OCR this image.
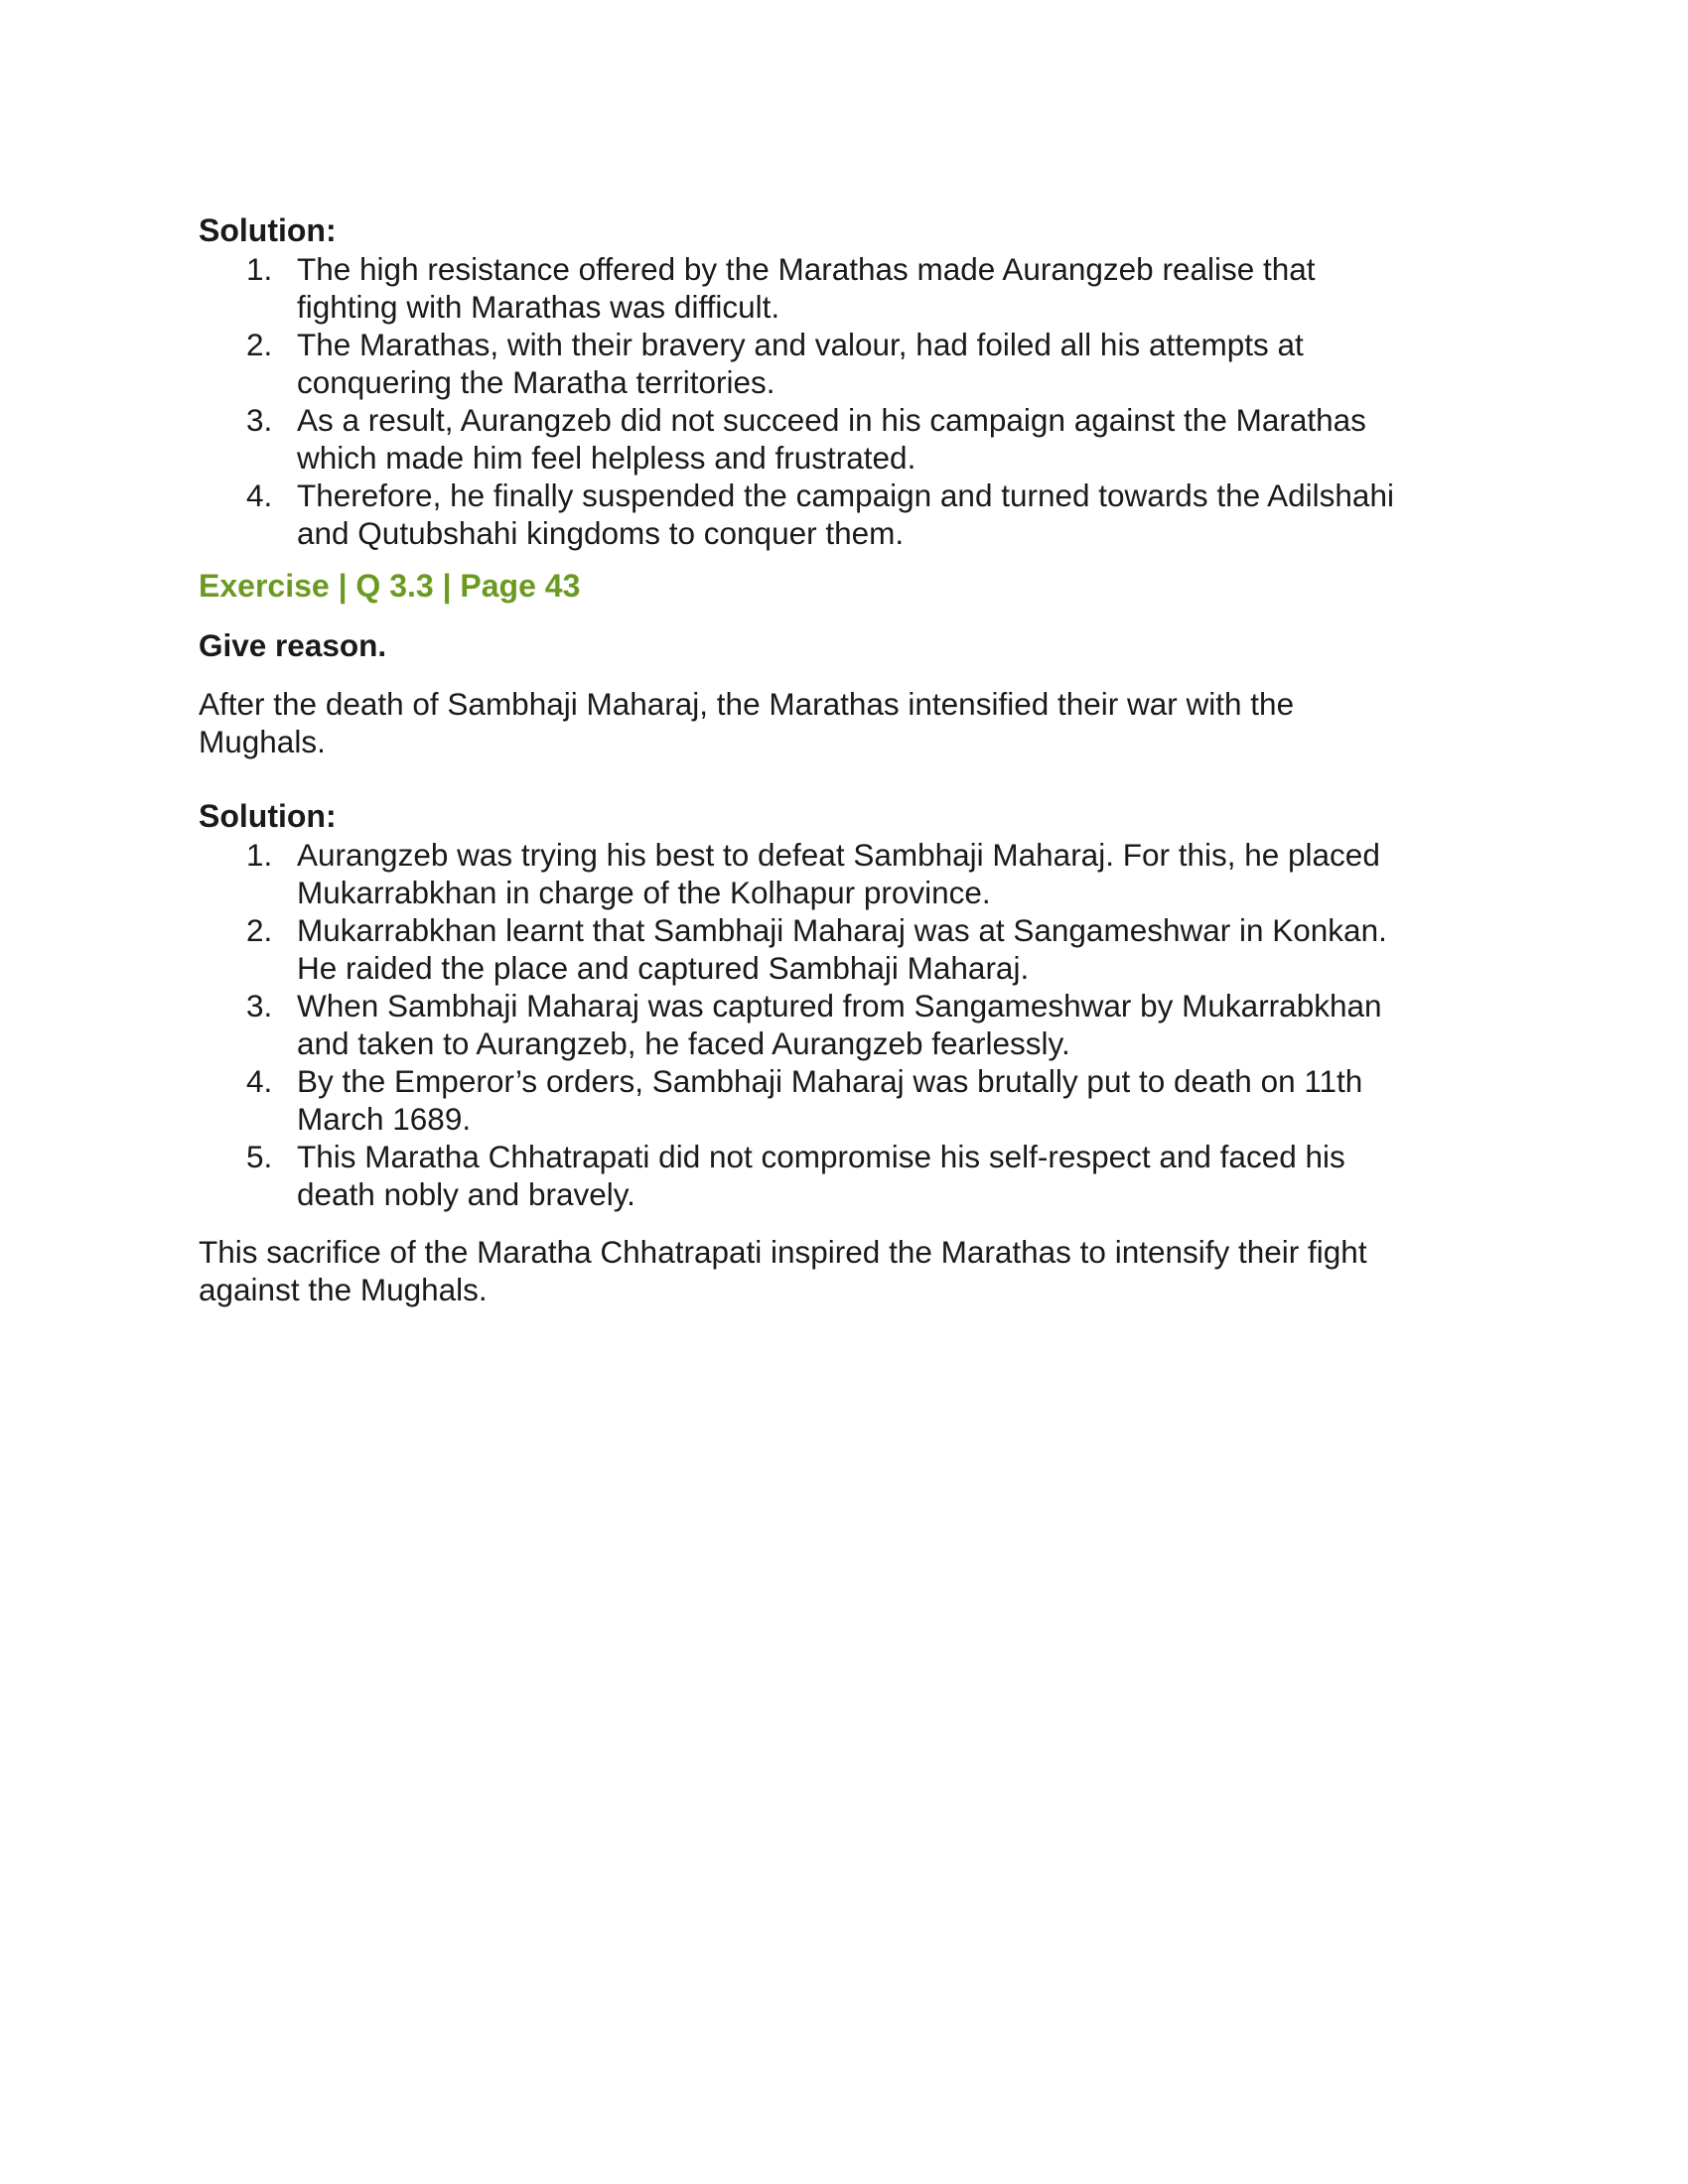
Solution:
1. The high resistance offered by the Marathas made Aurangzeb realise that
fighting with Marathas was difficult.
2. The Marathas, with their bravery and valour, had foiled all his attempts at
conquering the Maratha territories.
3. As a result, Aurangzeb did not succeed in his campaign against the Marathas
which made him feel helpless and frustrated.
4. Therefore, he finally suspended the campaign and turned towards the Adilshahi
and Qutubshahi kingdoms to conquer them.
Exercise | Q 3.3 | Page 43
Give reason.
After the death of Sambhaji Maharaj, the Marathas intensified their war with the
Mughals.
Solution:
1. Aurangzeb was trying his best to defeat Sambhaji Maharaj. For this, he placed
Mukarrabkhan in charge of the Kolhapur province.
2. Mukarrabkhan learnt that Sambhaji Maharaj was at Sangameshwar in Konkan.
He raided the place and captured Sambhaji Maharaj.
3. When Sambhaji Maharaj was captured from Sangameshwar by Mukarrabkhan
and taken to Aurangzeb, he faced Aurangzeb fearlessly.
4. By the Emperor’s orders, Sambhaji Maharaj was brutally put to death on 11th
March 1689.
5. This Maratha Chhatrapati did not compromise his self-respect and faced his
death nobly and bravely.
This sacrifice of the Maratha Chhatrapati inspired the Marathas to intensify their fight
against the Mughals.
